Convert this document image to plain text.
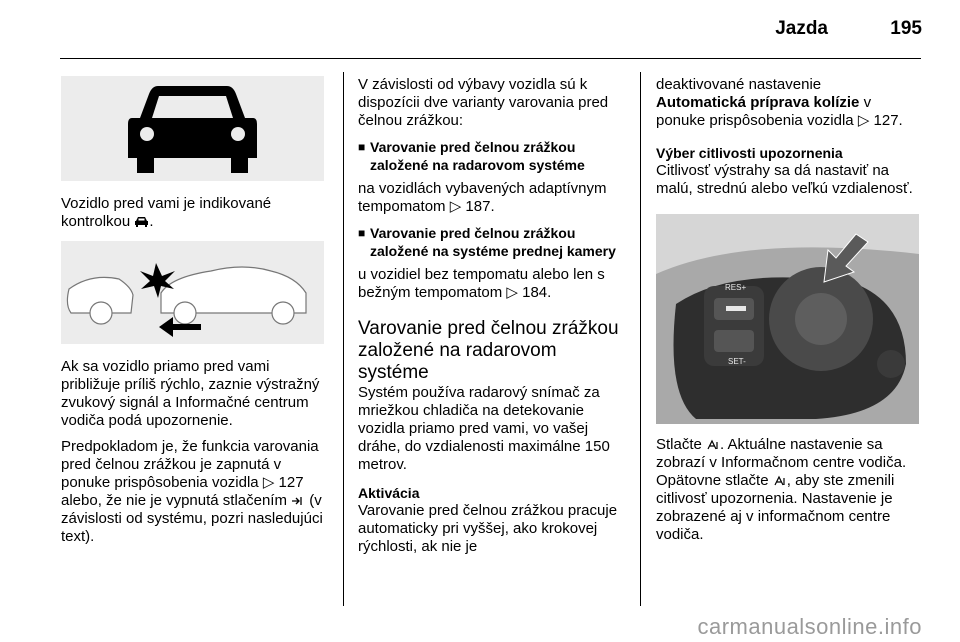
Jazda	195

Vozidlo pred vami je indikované kontrolkou .

Ak sa vozidlo priamo pred vami približuje príliš rýchlo, zaznie výstražný zvukový signál a Informačné centrum vodiča podá upozornenie.

Predpokladom je, že funkcia varovania pred čelnou zrážkou je zapnutá v ponuke prispôsobenia vozidla ▷ 127 alebo, že nie je vypnutá stlačením  (v závislosti od systému, pozri nasledujúci text).

V závislosti od výbavy vozidla sú k dispozícii dve varianty varovania pred čelnou zrážkou:

■ Varovanie pred čelnou zrážkou založené na radarovom systéme

na vozidlách vybavených adaptívnym tempomatom ▷ 187.

■ Varovanie pred čelnou zrážkou založené na systéme prednej kamery

u vozidiel bez tempomatu alebo len s bežným tempomatom ▷ 184.

Varovanie pred čelnou zrážkou založené na radarovom systéme

Systém používa radarový snímač za mriežkou chladiča na detekovanie vozidla priamo pred vami, vo vašej dráhe, do vzdialenosti maximálne 150 metrov.

Aktivácia

Varovanie pred čelnou zrážkou pracuje automaticky pri vyššej, ako krokovej rýchlosti, ak nie je

deaktivované nastavenie
Automatická príprava kolízie v ponuke prispôsobenia vozidla ▷ 127.

Výber citlivosti upozornenia

Citlivosť výstrahy sa dá nastaviť na malú, strednú alebo veľkú vzdialenosť.

RES+
SET-

Stlačte . Aktuálne nastavenie sa zobrazí v Informačnom centre vodiča. Opätovne stlačte , aby ste zmenili citlivosť upozornenia. Nastavenie je zobrazené aj v informačnom centre vodiča.

carmanualsonline.info
